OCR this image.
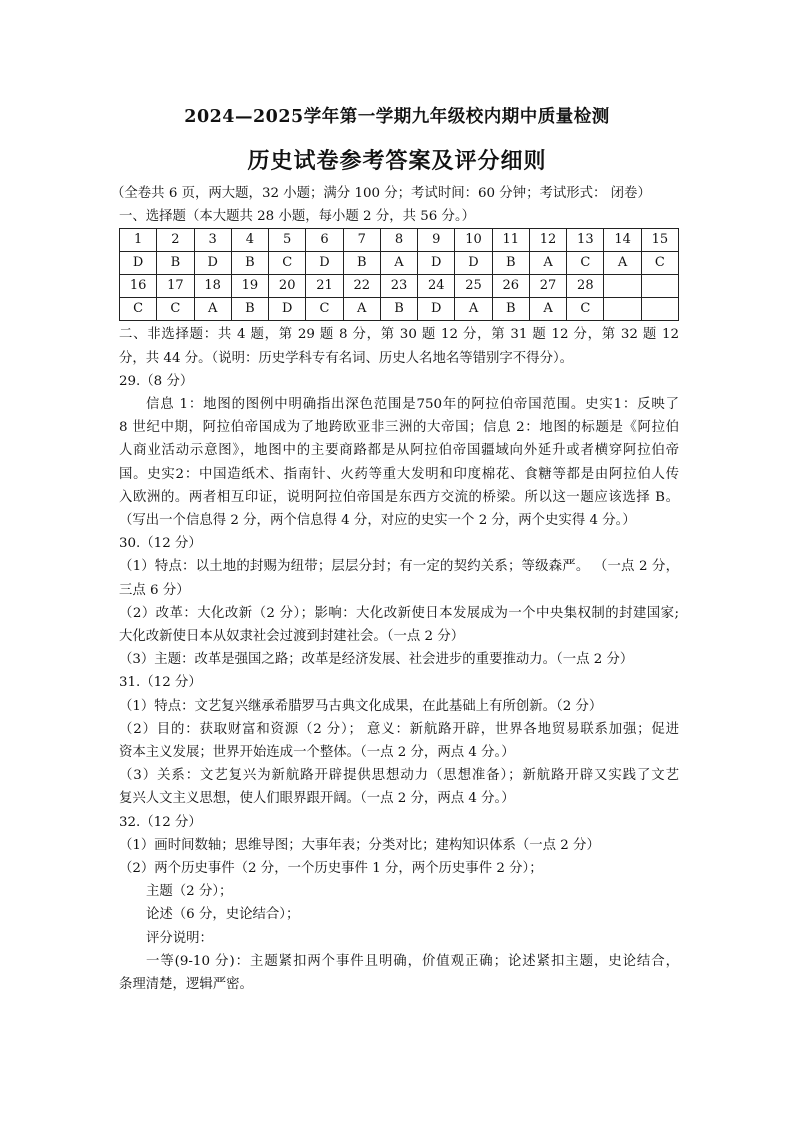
2024—2025学年第一学期九年级校内期中质量检测
历史试卷参考答案及评分细则
（全卷共 6 页，两大题，32 小题；满分 100 分；考试时间：60 分钟；考试形式： 闭卷）
一、选择题（本大题共 28 小题，每小题 2 分，共 56 分。）
1	2	3	4	5	6	7	8	9	10	11	12	13	14	15
D	B	D	B	C	D	B	A	D	D	B	A	C	A	C
16	17	18	19	20	21	22	23	24	25	26	27	28		
C	C	A	B	D	C	A	B	D	A	B	A	C		
二、非选择题：共 4 题，第 29 题 8 分，第 30 题 12 分，第 31 题 12 分，第 32 题 12
分，共 44 分。（说明：历史学科专有名词、历史人名地名等错别字不得分）。
29.（8 分）
信息 1：地图的图例中明确指出深色范围是750年的阿拉伯帝国范围。史实1：反映了
8 世纪中期，阿拉伯帝国成为了地跨欧亚非三洲的大帝国；信息 2：地图的标题是《阿拉伯
人商业活动示意图》，地图中的主要商路都是从阿拉伯帝国疆域向外延升或者横穿阿拉伯帝
国。史实2：中国造纸术、指南针、火药等重大发明和印度棉花、食糖等都是由阿拉伯人传
入欧洲的。两者相互印证，说明阿拉伯帝国是东西方交流的桥梁。所以这一题应该选择 B。
（写出一个信息得 2 分，两个信息得 4 分，对应的史实一个 2 分，两个史实得 4 分。）
30.（12 分）
（1）特点：以土地的封赐为纽带；层层分封；有一定的契约关系；等级森严。 （一点 2 分，
三点 6 分）
（2）改革：大化改新（2 分）；影响：大化改新使日本发展成为一个中央集权制的封建国家;
大化改新使日本从奴隶社会过渡到封建社会。（一点 2 分）
（3）主题：改革是强国之路；改革是经济发展、社会进步的重要推动力。（一点 2 分）
31.（12 分）
（1）特点：文艺复兴继承希腊罗马古典文化成果，在此基础上有所创新。（2 分）
（2）目的：获取财富和资源（2 分）； 意义：新航路开辟，世界各地贸易联系加强；促进
资本主义发展；世界开始连成一个整体。（一点 2 分，两点 4 分。）
（3）关系：文艺复兴为新航路开辟提供思想动力（思想准备）；新航路开辟又实践了文艺
复兴人文主义思想，使人们眼界跟开阔。（一点 2 分，两点 4 分。）
32.（12 分）
（1）画时间数轴；思维导图；大事年表；分类对比；建构知识体系（一点 2 分）
（2）两个历史事件（2 分，一个历史事件 1 分，两个历史事件 2 分）；
主题（2 分）；
论述（6 分，史论结合）；
评分说明：
一等(9-10 分)：主题紧扣两个事件且明确，价值观正确；论述紧扣主题，史论结合，
条理清楚，逻辑严密。
